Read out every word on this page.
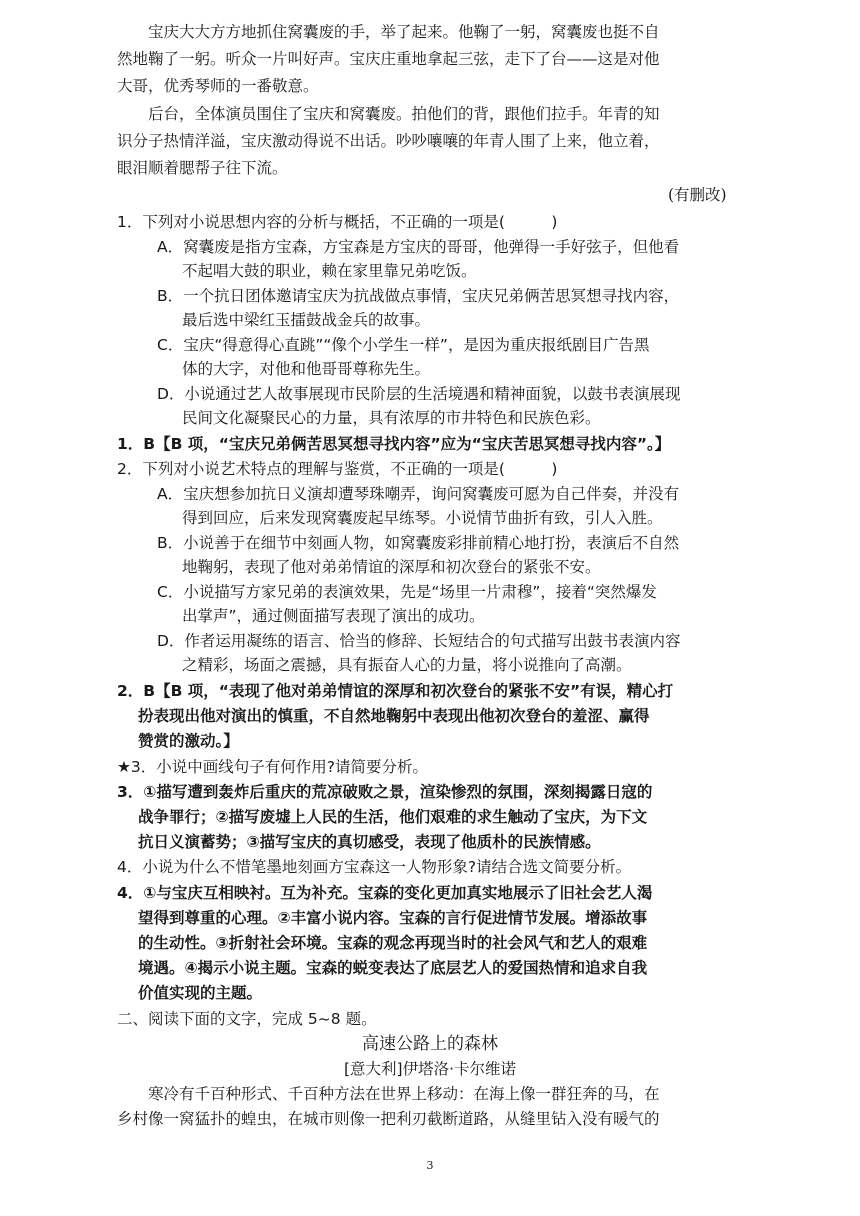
宝庆大大方方地抓住窝囊废的手，举了起来。他鞠了一躬，窝囊废也挺不自
然地鞠了一躬。听众一片叫好声。宝庆庄重地拿起三弦，走下了台——这是对他
大哥，优秀琴师的一番敬意。
后台，全体演员围住了宝庆和窝囊废。拍他们的背，跟他们拉手。年青的知
识分子热情洋溢，宝庆激动得说不出话。吵吵嚷嚷的年青人围了上来，他立着，
眼泪顺着腮帮子往下流。
(有删改)
1．下列对小说思想内容的分析与概括，不正确的一项是(　　　)
A．窝囊废是指方宝森，方宝森是方宝庆的哥哥，他弹得一手好弦子，但他看
不起唱大鼓的职业，赖在家里靠兄弟吃饭。
B．一个抗日团体邀请宝庆为抗战做点事情，宝庆兄弟俩苦思冥想寻找内容，
最后选中梁红玉擂鼓战金兵的故事。
C．宝庆“得意得心直跳”“像个小学生一样”，是因为重庆报纸剧目广告黑
体的大字，对他和他哥哥尊称先生。
D．小说通过艺人故事展现市民阶层的生活境遇和精神面貌，以鼓书表演展现
民间文化凝聚民心的力量，具有浓厚的市井特色和民族色彩。
1．B【B 项，“宝庆兄弟俩苦思冥想寻找内容”应为“宝庆苦思冥想寻找内容”。】
2．下列对小说艺术特点的理解与鉴赏，不正确的一项是(　　　)
A．宝庆想参加抗日义演却遭琴珠嘲弄，询问窝囊废可愿为自己伴奏，并没有
得到回应，后来发现窝囊废起早练琴。小说情节曲折有致，引人入胜。
B．小说善于在细节中刻画人物，如窝囊废彩排前精心地打扮，表演后不自然
地鞠躬，表现了他对弟弟情谊的深厚和初次登台的紧张不安。
C．小说描写方家兄弟的表演效果，先是“场里一片肃穆”，接着“突然爆发
出掌声”，通过侧面描写表现了演出的成功。
D．作者运用凝练的语言、恰当的修辞、长短结合的句式描写出鼓书表演内容
之精彩，场面之震撼，具有振奋人心的力量，将小说推向了高潮。
2．B【B 项，“表现了他对弟弟情谊的深厚和初次登台的紧张不安”有误，精心打
扮表现出他对演出的慎重，不自然地鞠躬中表现出他初次登台的羞涩、赢得
赞赏的激动。】
★3．小说中画线句子有何作用?请简要分析。
3．①描写遭到轰炸后重庆的荒凉破败之景，渲染惨烈的氛围，深刻揭露日寇的
战争罪行；②描写废墟上人民的生活，他们艰难的求生触动了宝庆，为下文
抗日义演蓄势；③描写宝庆的真切感受，表现了他质朴的民族情感。
4．小说为什么不惜笔墨地刻画方宝森这一人物形象?请结合选文简要分析。
4．①与宝庆互相映衬。互为补充。宝森的变化更加真实地展示了旧社会艺人渴
望得到尊重的心理。②丰富小说内容。宝森的言行促进情节发展。增添故事
的生动性。③折射社会环境。宝森的观念再现当时的社会风气和艺人的艰难
境遇。④揭示小说主题。宝森的蜕变表达了底层艺人的爱国热情和追求自我
价值实现的主题。
二、阅读下面的文字，完成 5~8 题。
高速公路上的森林
[意大利]伊塔洛·卡尔维诺
寒冷有千百种形式、千百种方法在世界上移动：在海上像一群狂奔的马，在
乡村像一窝猛扑的蝗虫，在城市则像一把利刃截断道路，从缝里钻入没有暖气的
3
